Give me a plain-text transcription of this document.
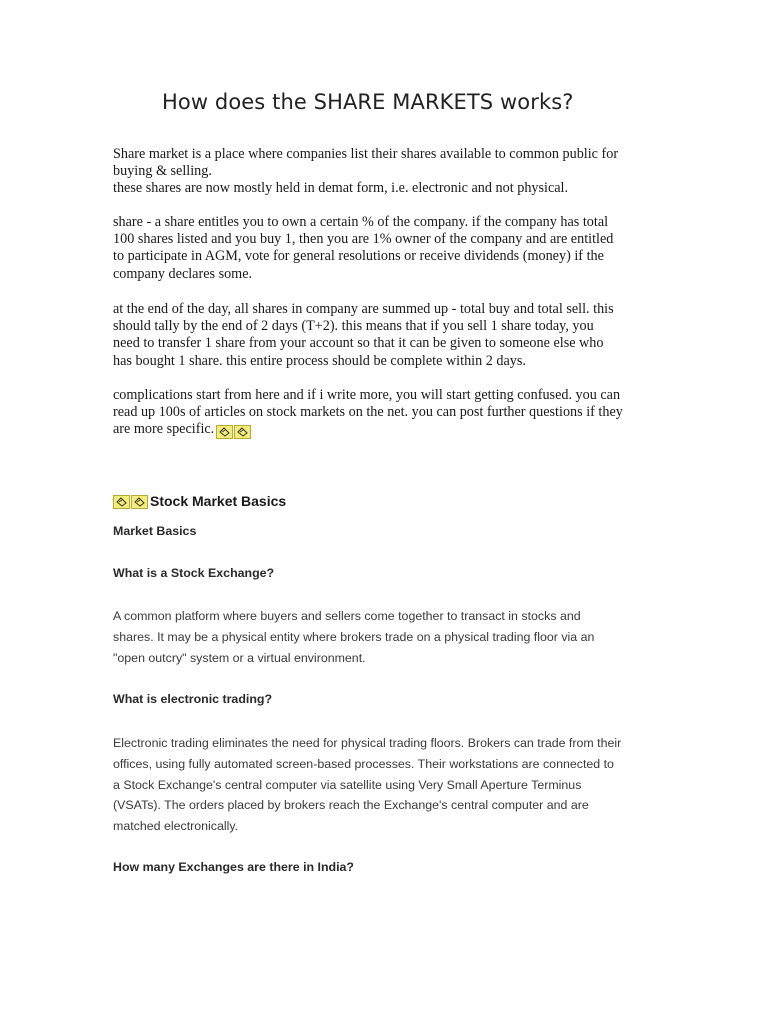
How does the SHARE MARKETS works?
Share market is a place where companies list their shares available to common public for
buying & selling.
these shares are now mostly held in demat form, i.e. electronic and not physical.
share - a share entitles you to own a certain % of the company. if the company has total
100 shares listed and you buy 1, then you are 1% owner of the company and are entitled
to participate in AGM, vote for general resolutions or receive dividends (money) if the
company declares some.
at the end of the day, all shares in company are summed up - total buy and total sell. this
should tally by the end of 2 days (T+2). this means that if you sell 1 share today, you
need to transfer 1 share from your account so that it can be given to someone else who
has bought 1 share. this entire process should be complete within 2 days.
complications start from here and if i write more, you will start getting confused. you can
read up 100s of articles on stock markets on the net. you can post further questions if they
are more specific.
Stock Market Basics
Market Basics
What is a Stock Exchange?
A common platform where buyers and sellers come together to transact in stocks and
shares. It may be a physical entity where brokers trade on a physical trading floor via an
"open outcry" system or a virtual environment.
What is electronic trading?
Electronic trading eliminates the need for physical trading floors. Brokers can trade from their
offices, using fully automated screen-based processes. Their workstations are connected to
a Stock Exchange's central computer via satellite using Very Small Aperture Terminus
(VSATs). The orders placed by brokers reach the Exchange's central computer and are
matched electronically.
How many Exchanges are there in India?
